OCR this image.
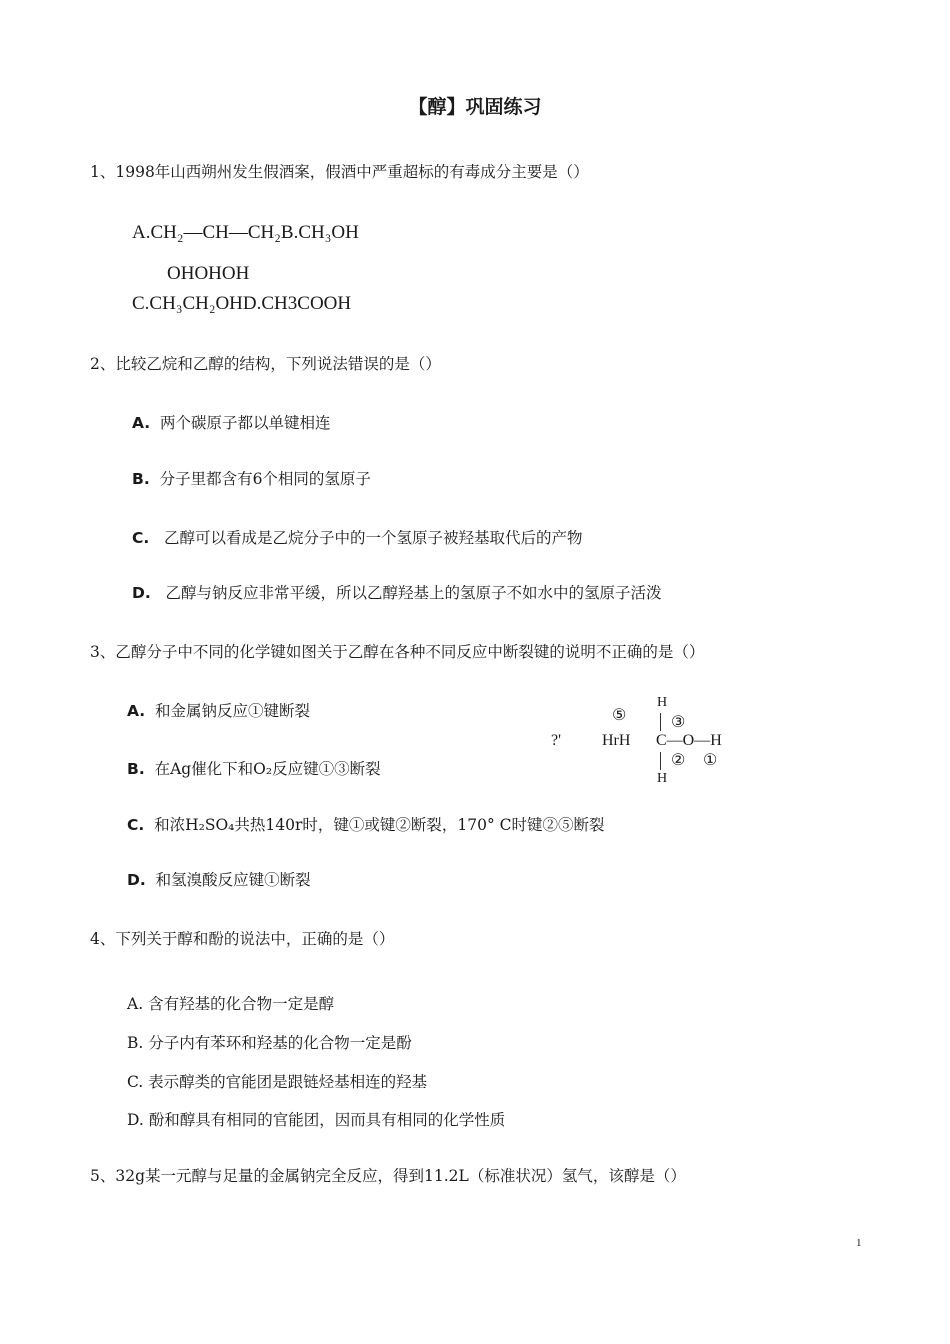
【醇】巩固练习
1、1998年山西朔州发生假酒案，假酒中严重超标的有毒成分主要是（）
A.CH₂—CH—CH₂B.CH₃OH
OHOHOH
C.CH₃CH₂OHD.CH3COOH
2、比较乙烷和乙醇的结构，下列说法错误的是（）
A. 两个碳原子都以单键相连
B. 分子里都含有6个相同的氢原子
C. 乙醇可以看成是乙烷分子中的一个氢原子被羟基取代后的产物
D. 乙醇与钠反应非常平缓，所以乙醇羟基上的氢原子不如水中的氢原子活泼
3、乙醇分子中不同的化学键如图关于乙醇在各种不同反应中断裂键的说明不正确的是（）
A. 和金属钠反应①键断裂
B. 在Ag催化下和O₂反应键①③断裂
C. 和浓H₂SO₄共热140r时，键①或键②断裂，170° C时键②⑤断裂
D. 和氢溴酸反应键①断裂
⑤
?'	HrH
H
③
C—O—H
② ①
H
4、下列关于醇和酚的说法中，正确的是（）
A. 含有羟基的化合物一定是醇
B. 分子内有苯环和羟基的化合物一定是酚
C. 表示醇类的官能团是跟链烃基相连的羟基
D. 酚和醇具有相同的官能团，因而具有相同的化学性质
5、32g某一元醇与足量的金属钠完全反应，得到11.2L（标准状况）氢气，该醇是（）
1
